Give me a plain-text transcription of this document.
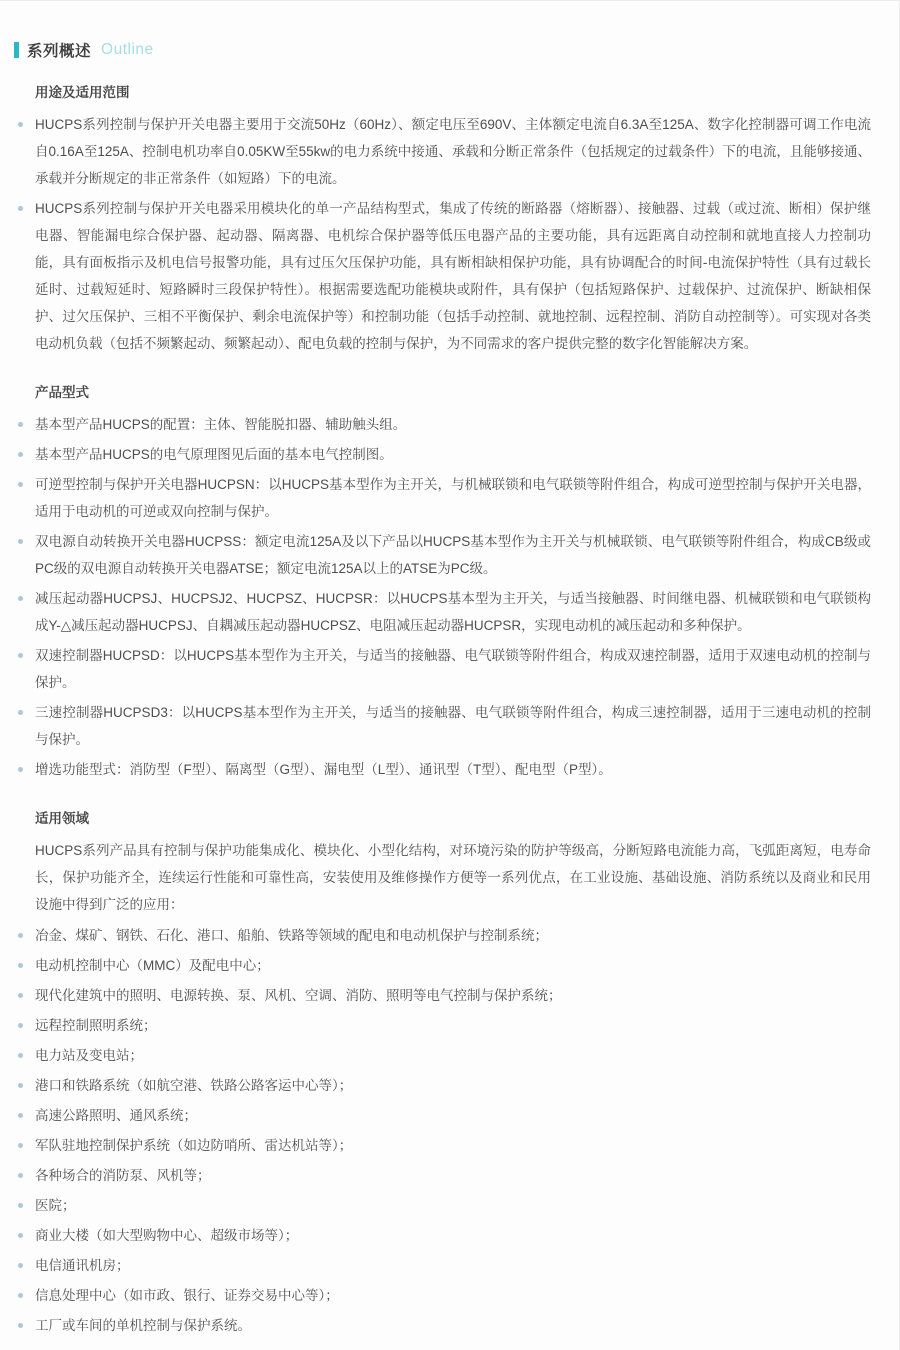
系列概述 Outline
用途及适用范围
HUCPS系列控制与保护开关电器主要用于交流50Hz（60Hz）、额定电压至690V、主体额定电流自6.3A至125A、数字化控制器可调工作电流自0.16A至125A、控制电机功率自0.05KW至55kw的电力系统中接通、承载和分断正常条件（包括规定的过载条件）下的电流，且能够接通、承载并分断规定的非正常条件（如短路）下的电流。
HUCPS系列控制与保护开关电器采用模块化的单一产品结构型式，集成了传统的断路器（熔断器）、接触器、过载（或过流、断相）保护继电器、智能漏电综合保护器、起动器、隔离器、电机综合保护器等低压电器产品的主要功能，具有远距离自动控制和就地直接人力控制功能，具有面板指示及机电信号报警功能，具有过压欠压保护功能，具有断相缺相保护功能，具有协调配合的时间-电流保护特性（具有过载长延时、过载短延时、短路瞬时三段保护特性）。根据需要选配功能模块或附件，具有保护（包括短路保护、过载保护、过流保护、断缺相保护、过欠压保护、三相不平衡保护、剩余电流保护等）和控制功能（包括手动控制、就地控制、远程控制、消防自动控制等）。可实现对各类电动机负载（包括不频繁起动、频繁起动）、配电负载的控制与保护，为不同需求的客户提供完整的数字化智能解决方案。
产品型式
基本型产品HUCPS的配置：主体、智能脱扣器、辅助触头组。
基本型产品HUCPS的电气原理图见后面的基本电气控制图。
可逆型控制与保护开关电器HUCPSN：以HUCPS基本型作为主开关，与机械联锁和电气联锁等附件组合，构成可逆型控制与保护开关电器，适用于电动机的可逆或双向控制与保护。
双电源自动转换开关电器HUCPSS：额定电流125A及以下产品以HUCPS基本型作为主开关与机械联锁、电气联锁等附件组合，构成CB级或PC级的双电源自动转换开关电器ATSE；额定电流125A以上的ATSE为PC级。
减压起动器HUCPSJ、HUCPSJ2、HUCPSZ、HUCPSR：以HUCPS基本型为主开关，与适当接触器、时间继电器、机械联锁和电气联锁构成Y-△减压起动器HUCPSJ、自耦减压起动器HUCPSZ、电阻减压起动器HUCPSR，实现电动机的减压起动和多种保护。
双速控制器HUCPSD：以HUCPS基本型作为主开关，与适当的接触器、电气联锁等附件组合，构成双速控制器，适用于双速电动机的控制与保护。
三速控制器HUCPSD3：以HUCPS基本型作为主开关，与适当的接触器、电气联锁等附件组合，构成三速控制器，适用于三速电动机的控制与保护。
增选功能型式：消防型（F型）、隔离型（G型）、漏电型（L型）、通讯型（T型）、配电型（P型）。
适用领域

HUCPS系列产品具有控制与保护功能集成化、模块化、小型化结构，对环境污染的防护等级高，分断短路电流能力高，飞弧距离短，电寿命长，保护功能齐全，连续运行性能和可靠性高，安装使用及维修操作方便等一系列优点，在工业设施、基础设施、消防系统以及商业和民用设施中得到广泛的应用：

冶金、煤矿、钢铁、石化、港口、船舶、铁路等领域的配电和电动机保护与控制系统；
电动机控制中心（MMC）及配电中心；
现代化建筑中的照明、电源转换、泵、风机、空调、消防、照明等电气控制与保护系统；
远程控制照明系统；
电力站及变电站；
港口和铁路系统（如航空港、铁路公路客运中心等）；
高速公路照明、通风系统；
军队驻地控制保护系统（如边防哨所、雷达机站等）；
各种场合的消防泵、风机等；
医院；
商业大楼（如大型购物中心、超级市场等）；
电信通讯机房；
信息处理中心（如市政、银行、证券交易中心等）；
工厂或车间的单机控制与保护系统。
